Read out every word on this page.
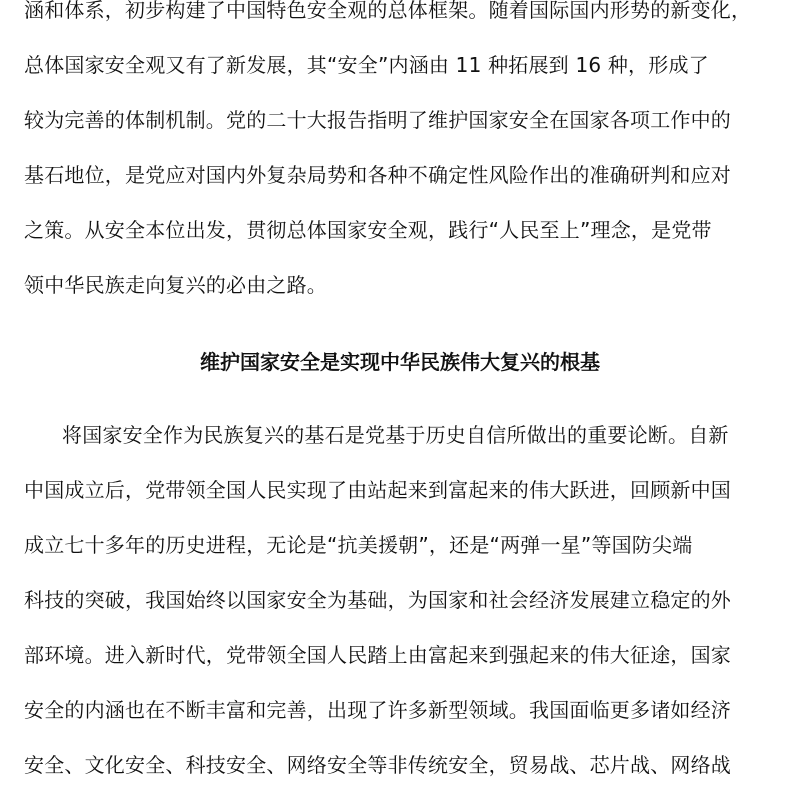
涵和体系，初步构建了中国特色安全观的总体框架。随着国际国内形势的新变化，
总体国家安全观又有了新发展，其“安全”内涵由 11 种拓展到 16 种，形成了
较为完善的体制机制。党的二十大报告指明了维护国家安全在国家各项工作中的
基石地位，是党应对国内外复杂局势和各种不确定性风险作出的准确研判和应对
之策。从安全本位出发，贯彻总体国家安全观，践行“人民至上”理念，是党带
领中华民族走向复兴的必由之路。
维护国家安全是实现中华民族伟大复兴的根基
将国家安全作为民族复兴的基石是党基于历史自信所做出的重要论断。自新
中国成立后，党带领全国人民实现了由站起来到富起来的伟大跃进，回顾新中国
成立七十多年的历史进程，无论是“抗美援朝”，还是“两弹一星”等国防尖端
科技的突破，我国始终以国家安全为基础，为国家和社会经济发展建立稳定的外
部环境。进入新时代，党带领全国人民踏上由富起来到强起来的伟大征途，国家
安全的内涵也在不断丰富和完善，出现了许多新型领域。我国面临更多诸如经济
安全、文化安全、科技安全、网络安全等非传统安全，贸易战、芯片战、网络战
